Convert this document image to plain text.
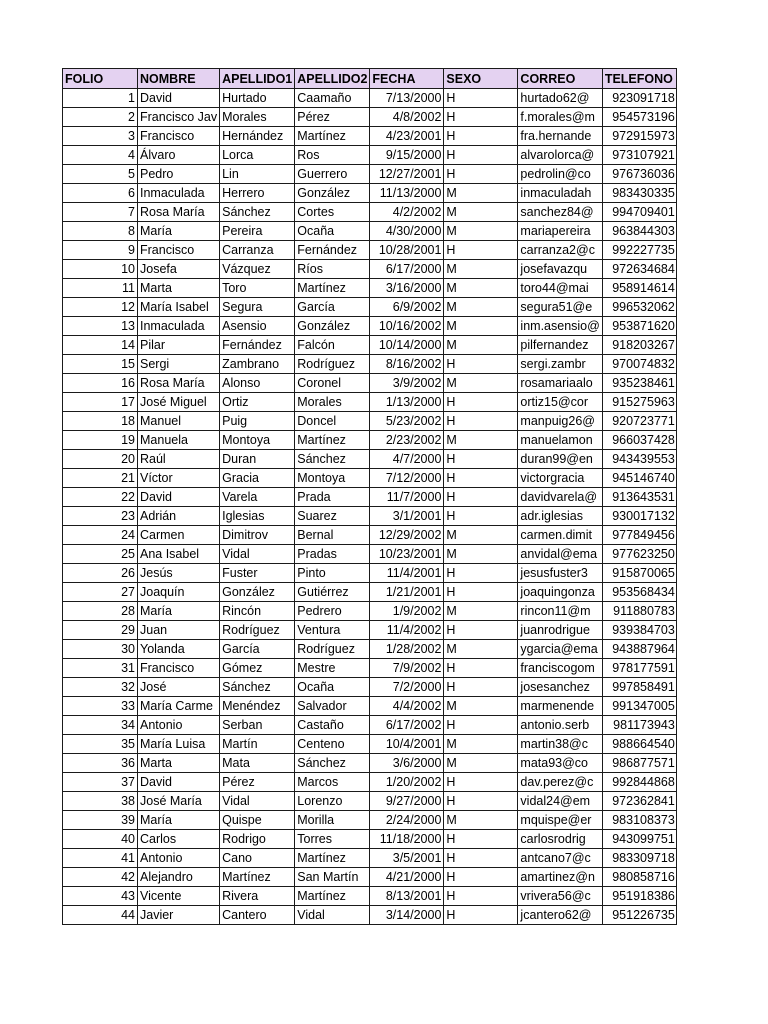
FOLIO	NOMBRE	APELLIDO1	APELLIDO2	FECHA	SEXO	CORREO	TELEFONO
1	David	Hurtado	Caamaño	7/13/2000	H	hurtado62@	923091718
2	Francisco Jav	Morales	Pérez	4/8/2002	H	f.morales@m	954573196
3	Francisco	Hernández	Martínez	4/23/2001	H	fra.hernande	972915973
4	Álvaro	Lorca	Ros	9/15/2000	H	alvarolorca@	973107921
5	Pedro	Lin	Guerrero	12/27/2001	H	pedrolin@co	976736036
6	Inmaculada	Herrero	González	11/13/2000	M	inmaculadah	983430335
7	Rosa María	Sánchez	Cortes	4/2/2002	M	sanchez84@	994709401
8	María	Pereira	Ocaña	4/30/2000	M	mariapereira	963844303
9	Francisco	Carranza	Fernández	10/28/2001	H	carranza2@c	992227735
10	Josefa	Vázquez	Ríos	6/17/2000	M	josefavazqu	972634684
11	Marta	Toro	Martínez	3/16/2000	M	toro44@mai	958914614
12	María Isabel	Segura	García	6/9/2002	M	segura51@e	996532062
13	Inmaculada	Asensio	González	10/16/2002	M	inm.asensio@	953871620
14	Pilar	Fernández	Falcón	10/14/2000	M	pilfernandez	918203267
15	Sergi	Zambrano	Rodríguez	8/16/2002	H	sergi.zambr	970074832
16	Rosa María	Alonso	Coronel	3/9/2002	M	rosamariaalo	935238461
17	José Miguel	Ortiz	Morales	1/13/2000	H	ortiz15@cor	915275963
18	Manuel	Puig	Doncel	5/23/2002	H	manpuig26@	920723771
19	Manuela	Montoya	Martínez	2/23/2002	M	manuelamon	966037428
20	Raúl	Duran	Sánchez	4/7/2000	H	duran99@en	943439553
21	Víctor	Gracia	Montoya	7/12/2000	H	victorgracia	945146740
22	David	Varela	Prada	11/7/2000	H	davidvarela@	913643531
23	Adrián	Iglesias	Suarez	3/1/2001	H	adr.iglesias	930017132
24	Carmen	Dimitrov	Bernal	12/29/2002	M	carmen.dimit	977849456
25	Ana Isabel	Vidal	Pradas	10/23/2001	M	anvidal@ema	977623250
26	Jesús	Fuster	Pinto	11/4/2001	H	jesusfuster3	915870065
27	Joaquín	González	Gutiérrez	1/21/2001	H	joaquingonza	953568434
28	María	Rincón	Pedrero	1/9/2002	M	rincon11@m	911880783
29	Juan	Rodríguez	Ventura	11/4/2002	H	juanrodrigue	939384703
30	Yolanda	García	Rodríguez	1/28/2002	M	ygarcia@ema	943887964
31	Francisco	Gómez	Mestre	7/9/2002	H	franciscogom	978177591
32	José	Sánchez	Ocaña	7/2/2000	H	josesanchez	997858491
33	María Carme	Menéndez	Salvador	4/4/2002	M	marmenende	991347005
34	Antonio	Serban	Castaño	6/17/2002	H	antonio.serb	981173943
35	María Luisa	Martín	Centeno	10/4/2001	M	martin38@c	988664540
36	Marta	Mata	Sánchez	3/6/2000	M	mata93@co	986877571
37	David	Pérez	Marcos	1/20/2002	H	dav.perez@c	992844868
38	José María	Vidal	Lorenzo	9/27/2000	H	vidal24@em	972362841
39	María	Quispe	Morilla	2/24/2000	M	mquispe@er	983108373
40	Carlos	Rodrigo	Torres	11/18/2000	H	carlosrodrig	943099751
41	Antonio	Cano	Martínez	3/5/2001	H	antcano7@c	983309718
42	Alejandro	Martínez	San Martín	4/21/2000	H	amartinez@n	980858716
43	Vicente	Rivera	Martínez	8/13/2001	H	vrivera56@c	951918386
44	Javier	Cantero	Vidal	3/14/2000	H	jcantero62@	951226735
